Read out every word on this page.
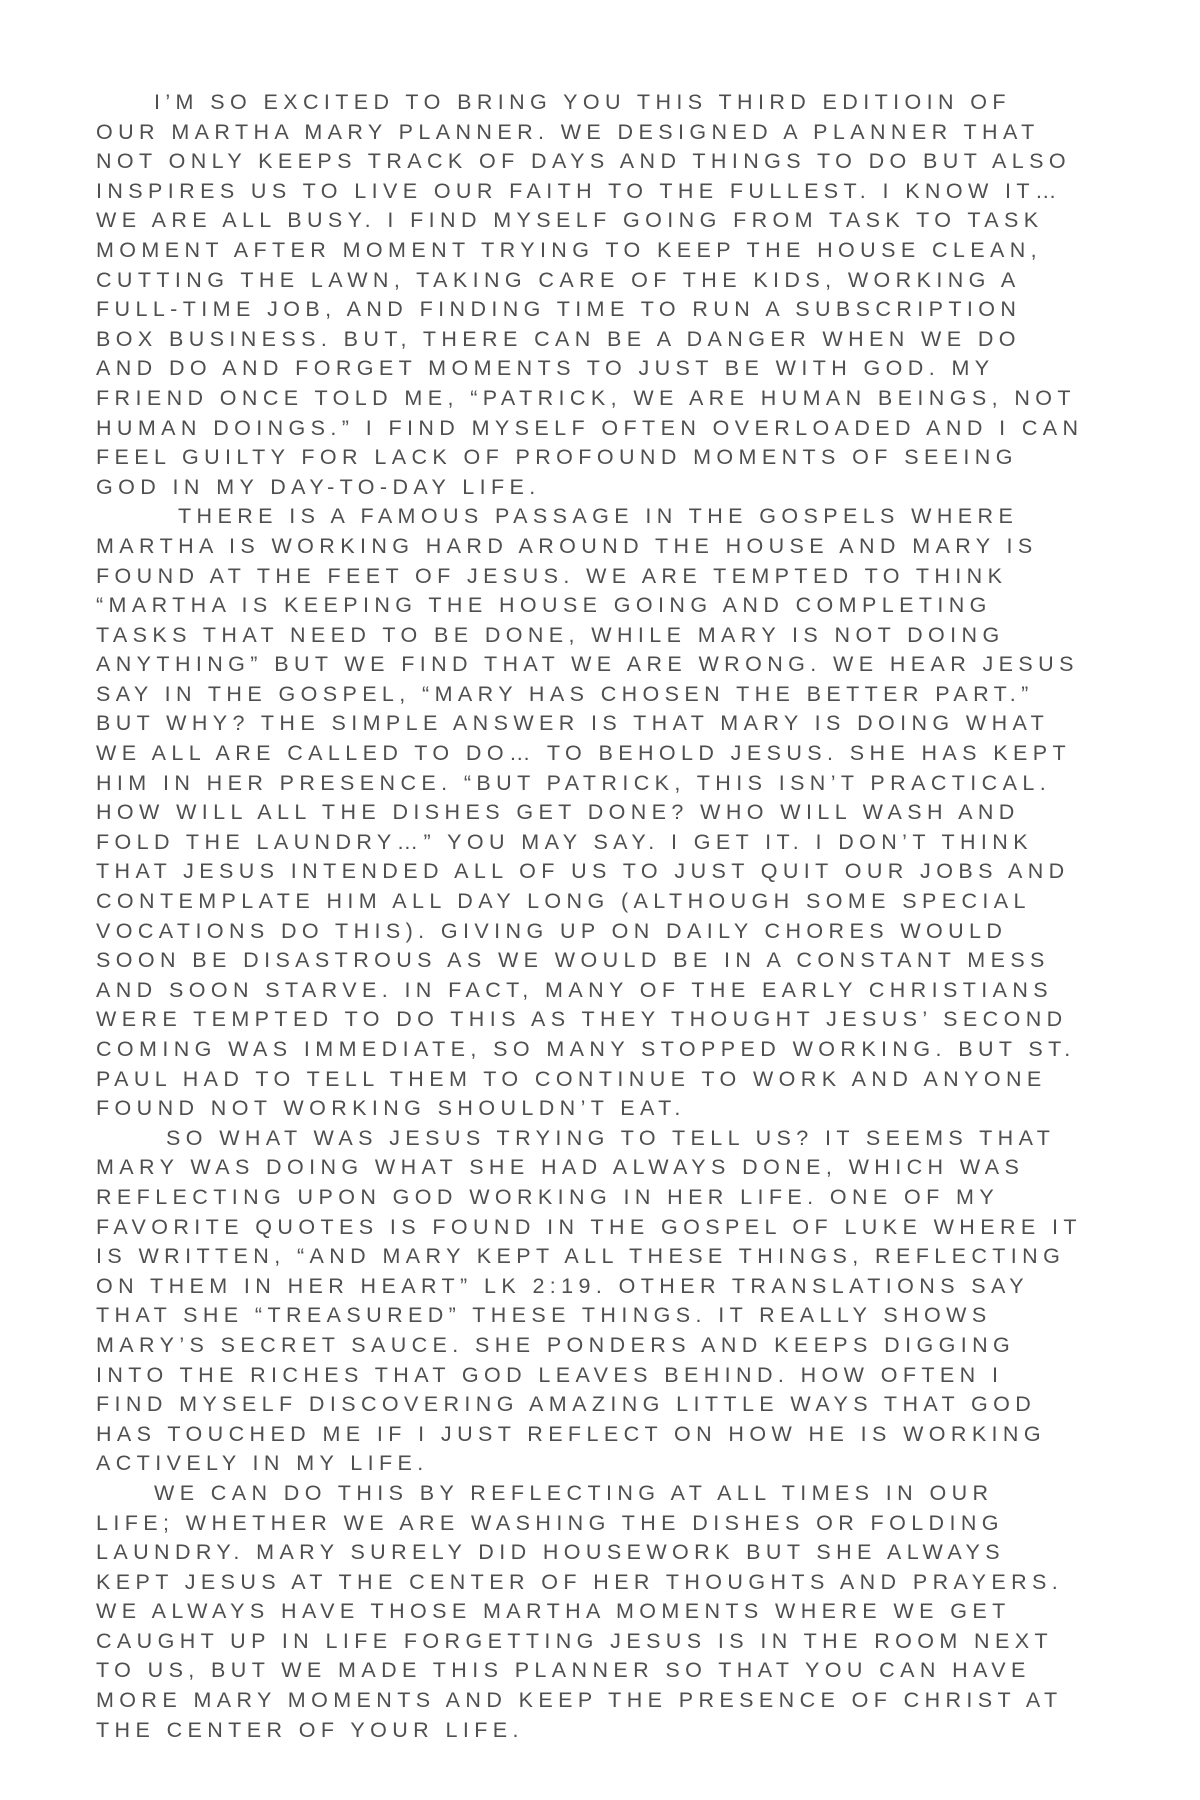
I’M SO EXCITED TO BRING YOU THIS THIRD EDITIOIN OF
OUR MARTHA MARY PLANNER. WE DESIGNED A PLANNER THAT
NOT ONLY KEEPS TRACK OF DAYS AND THINGS TO DO BUT ALSO
INSPIRES US TO LIVE OUR FAITH TO THE FULLEST. I KNOW IT…
WE ARE ALL BUSY. I FIND MYSELF GOING FROM TASK TO TASK
MOMENT AFTER MOMENT TRYING TO KEEP THE HOUSE CLEAN,
CUTTING THE LAWN, TAKING CARE OF THE KIDS, WORKING A
FULL-TIME JOB, AND FINDING TIME TO RUN A SUBSCRIPTION
BOX BUSINESS. BUT, THERE CAN BE A DANGER WHEN WE DO
AND DO AND FORGET MOMENTS TO JUST BE WITH GOD. MY
FRIEND ONCE TOLD ME, “PATRICK, WE ARE HUMAN BEINGS, NOT
HUMAN DOINGS.” I FIND MYSELF OFTEN OVERLOADED AND I CAN
FEEL GUILTY FOR LACK OF PROFOUND MOMENTS OF SEEING
GOD IN MY DAY-TO-DAY LIFE.
THERE IS A FAMOUS PASSAGE IN THE GOSPELS WHERE
MARTHA IS WORKING HARD AROUND THE HOUSE AND MARY IS
FOUND AT THE FEET OF JESUS. WE ARE TEMPTED TO THINK
“MARTHA IS KEEPING THE HOUSE GOING AND COMPLETING
TASKS THAT NEED TO BE DONE, WHILE MARY IS NOT DOING
ANYTHING” BUT WE FIND THAT WE ARE WRONG. WE HEAR JESUS
SAY IN THE GOSPEL, “MARY HAS CHOSEN THE BETTER PART.”
BUT WHY? THE SIMPLE ANSWER IS THAT MARY IS DOING WHAT
WE ALL ARE CALLED TO DO… TO BEHOLD JESUS. SHE HAS KEPT
HIM IN HER PRESENCE. “BUT PATRICK, THIS ISN’T PRACTICAL.
HOW WILL ALL THE DISHES GET DONE? WHO WILL WASH AND
FOLD THE LAUNDRY…” YOU MAY SAY. I GET IT. I DON’T THINK
THAT JESUS INTENDED ALL OF US TO JUST QUIT OUR JOBS AND
CONTEMPLATE HIM ALL DAY LONG (ALTHOUGH SOME SPECIAL
VOCATIONS DO THIS). GIVING UP ON DAILY CHORES WOULD
SOON BE DISASTROUS AS WE WOULD BE IN A CONSTANT MESS
AND SOON STARVE. IN FACT, MANY OF THE EARLY CHRISTIANS
WERE TEMPTED TO DO THIS AS THEY THOUGHT JESUS’ SECOND
COMING WAS IMMEDIATE, SO MANY STOPPED WORKING. BUT ST.
PAUL HAD TO TELL THEM TO CONTINUE TO WORK AND ANYONE
FOUND NOT WORKING SHOULDN’T EAT.
SO WHAT WAS JESUS TRYING TO TELL US? IT SEEMS THAT
MARY WAS DOING WHAT SHE HAD ALWAYS DONE, WHICH WAS
REFLECTING UPON GOD WORKING IN HER LIFE. ONE OF MY
FAVORITE QUOTES IS FOUND IN THE GOSPEL OF LUKE WHERE IT
IS WRITTEN, “AND MARY KEPT ALL THESE THINGS, REFLECTING
ON THEM IN HER HEART” LK 2:19. OTHER TRANSLATIONS SAY
THAT SHE “TREASURED” THESE THINGS. IT REALLY SHOWS
MARY’S SECRET SAUCE. SHE PONDERS AND KEEPS DIGGING
INTO THE RICHES THAT GOD LEAVES BEHIND. HOW OFTEN I
FIND MYSELF DISCOVERING AMAZING LITTLE WAYS THAT GOD
HAS TOUCHED ME IF I JUST REFLECT ON HOW HE IS WORKING
ACTIVELY IN MY LIFE.
WE CAN DO THIS BY REFLECTING AT ALL TIMES IN OUR
LIFE; WHETHER WE ARE WASHING THE DISHES OR FOLDING
LAUNDRY. MARY SURELY DID HOUSEWORK BUT SHE ALWAYS
KEPT JESUS AT THE CENTER OF HER THOUGHTS AND PRAYERS.
WE ALWAYS HAVE THOSE MARTHA MOMENTS WHERE WE GET
CAUGHT UP IN LIFE FORGETTING JESUS IS IN THE ROOM NEXT
TO US, BUT WE MADE THIS PLANNER SO THAT YOU CAN HAVE
MORE MARY MOMENTS AND KEEP THE PRESENCE OF CHRIST AT
THE CENTER OF YOUR LIFE.
